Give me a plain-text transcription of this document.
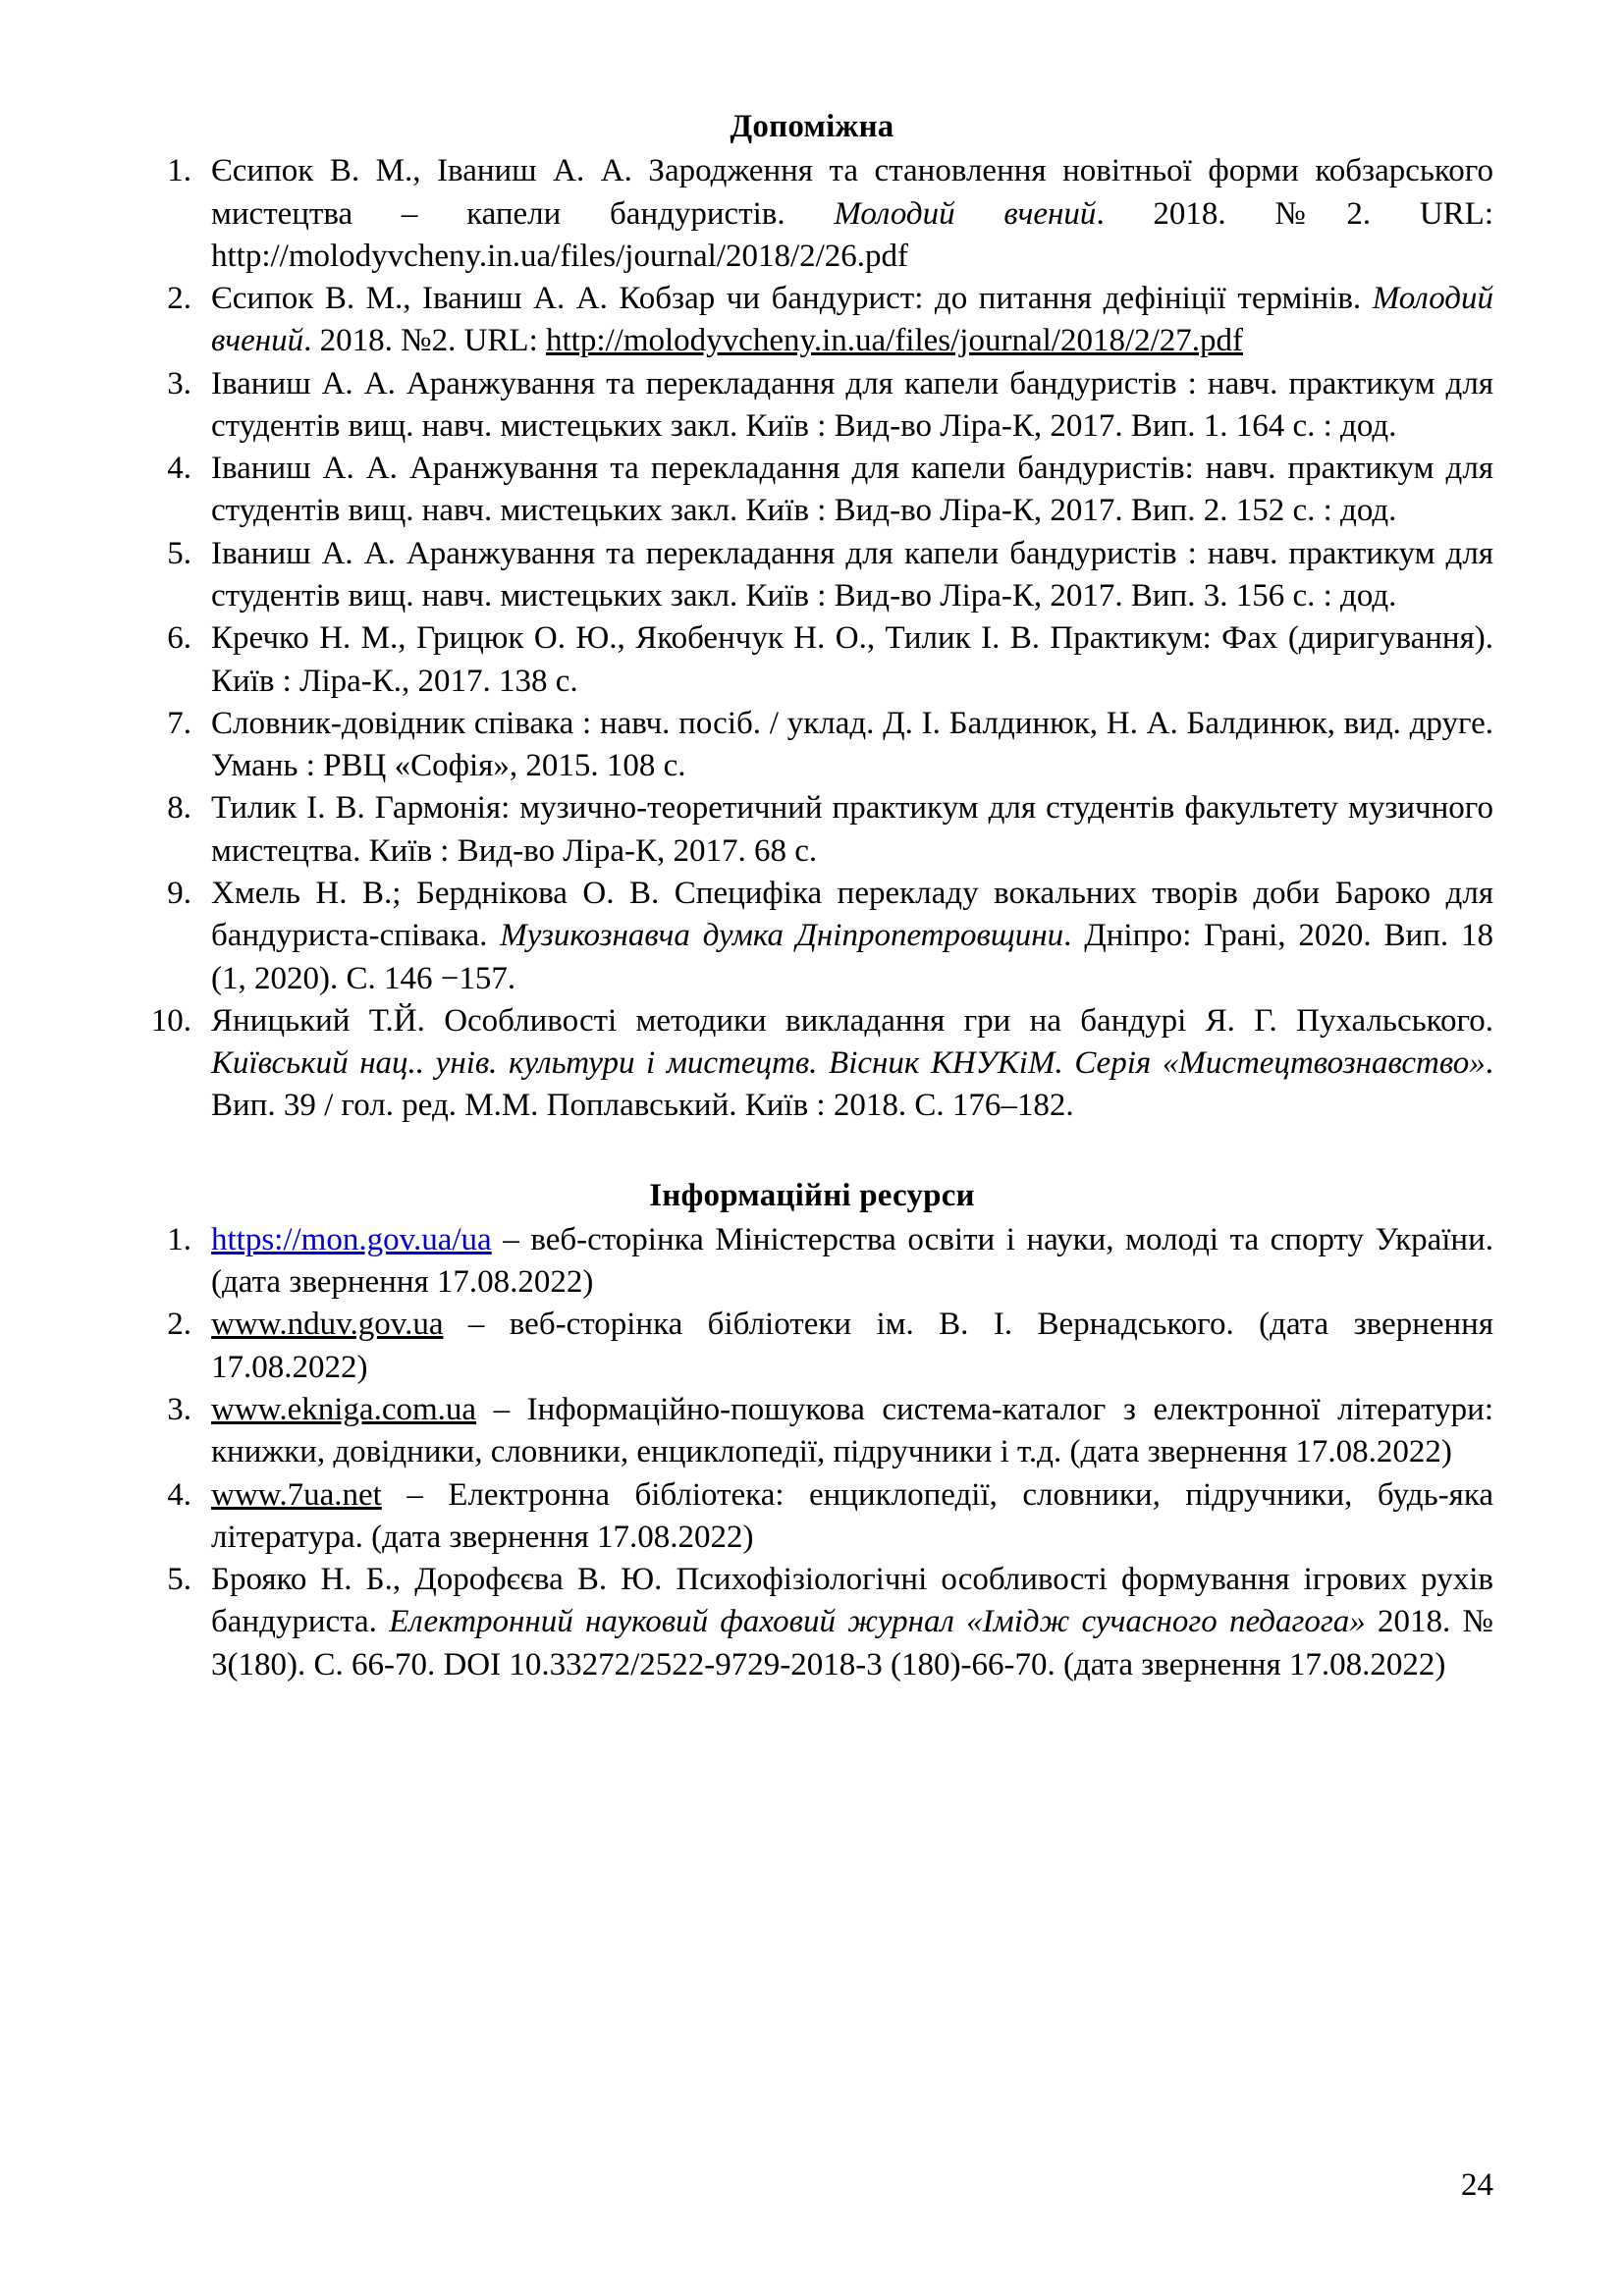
Допоміжна
Єсипок В. М., Іваниш А. А. Зародження та становлення новітньої форми кобзарського мистецтва – капели бандуристів. Молодий вчений. 2018. №2. URL: http://molodyvcheny.in.ua/files/journal/2018/2/26.pdf
Єсипок В. М., Іваниш А. А. Кобзар чи бандурист: до питання дефініції термінів. Молодий вчений. 2018. №2. URL: http://molodyvcheny.in.ua/files/journal/2018/2/27.pdf
Іваниш А. А. Аранжування та перекладання для капели бандуристів : навч. практикум для студентів вищ. навч. мистецьких закл. Київ : Вид-во Ліра-К, 2017. Вип. 1. 164 с. : дод.
Іваниш А. А. Аранжування та перекладання для капели бандуристів: навч. практикум для студентів вищ. навч. мистецьких закл. Київ : Вид-во Ліра-К, 2017. Вип. 2. 152 с. : дод.
Іваниш А. А. Аранжування та перекладання для капели бандуристів : навч. практикум для студентів вищ. навч. мистецьких закл. Київ : Вид-во Ліра-К, 2017. Вип. 3. 156 с. : дод.
Кречко Н. М., Грицюк О. Ю., Якобенчук Н. О., Тилик І. В. Практикум: Фах (диригування). Київ : Ліра-К., 2017. 138 с.
Словник-довідник співака : навч. посіб. / уклад. Д. І. Балдинюк, Н. А. Балдинюк, вид. друге. Умань : РВЦ «Софія», 2015. 108 с.
Тилик І. В. Гармонія: музично-теоретичний практикум для студентів факультету музичного мистецтва. Київ : Вид-во Ліра-К, 2017. 68 с.
Хмель Н. В.; Берднікова О. В. Специфіка перекладу вокальних творів доби Бароко для бандуриста-співака. Музикознавча думка Дніпропетровщини. Дніпро: Грані, 2020. Вип. 18 (1, 2020). С. 146 −157.
Яницький Т.Й. Особливості методики викладання гри на бандурі Я. Г. Пухальського. Київський нац.. унів. культури і мистецтв. Вісник КНУКіМ. Серія «Мистецтвознавство». Вип. 39 / гол. ред. М.М. Поплавський. Київ : 2018. С. 176–182.
Інформаційні ресурси
https://mon.gov.ua/ua – веб-сторінка Міністерства освіти і науки, молоді та спорту України. (дата звернення 17.08.2022)
www.nduv.gov.ua – веб-сторінка бібліотеки ім. В. І. Вернадського. (дата звернення 17.08.2022)
www.ekniga.com.ua – Інформаційно-пошукова система-каталог з електронної літератури: книжки, довідники, словники, енциклопедії, підручники і т.д. (дата звернення 17.08.2022)
www.7ua.net – Електронна бібліотека: енциклопедії, словники, підручники, будь-яка література. (дата звернення 17.08.2022)
Брояко Н. Б., Дорофєєва В. Ю. Психофізіологічні особливості формування ігрових рухів бандуриста. Електронний науковий фаховий журнал «Імідж сучасного педагога» 2018. № 3(180). С. 66-70. DOI 10.33272/2522-9729-2018-3 (180)-66-70. (дата звернення 17.08.2022)
24
